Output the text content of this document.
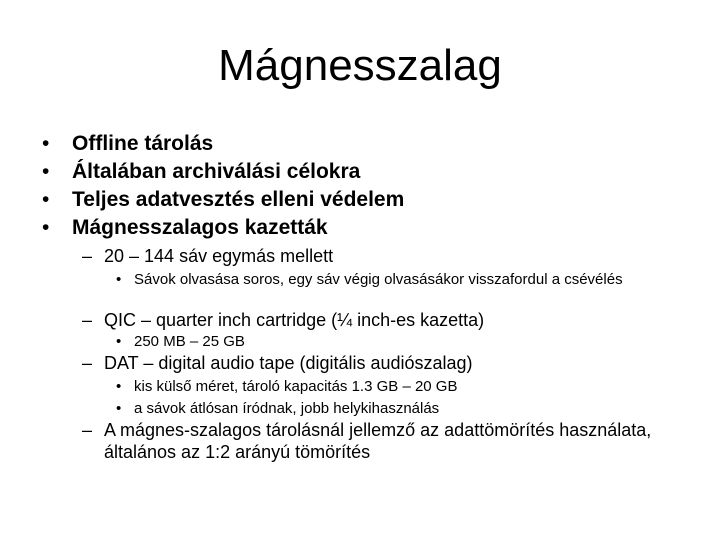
Mágnesszalag
• Offline tárolás
• Általában archiválási célokra
• Teljes adatvesztés elleni védelem
• Mágnesszalagos kazetták
– 20 – 144 sáv egymás mellett
• Sávok olvasása soros, egy sáv végig olvasásákor visszafordul a csévélés
– QIC – quarter inch cartridge (¼ inch-es kazetta)
• 250 MB – 25 GB
– DAT – digital audio tape (digitális audiószalag)
• kis külső méret, tároló kapacitás 1.3 GB – 20 GB
• a sávok átlósan íródnak, jobb helykihasználás
– A mágnes-szalagos tárolásnál jellemző az adattömörítés használata, általános az 1:2 arányú tömörítés
